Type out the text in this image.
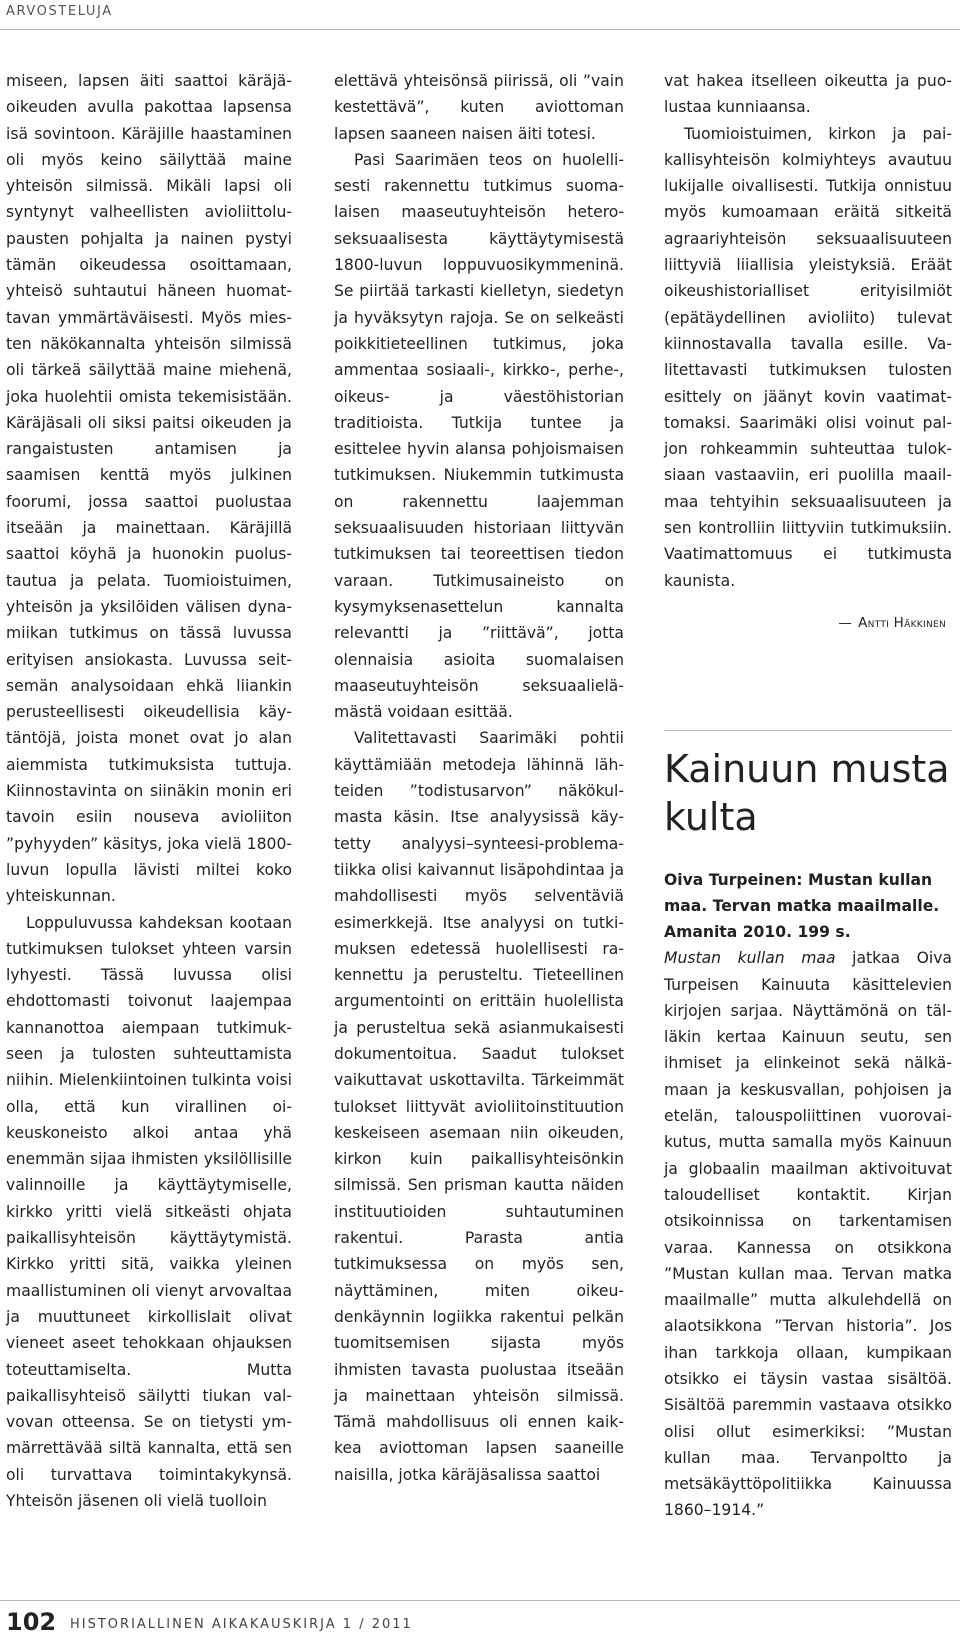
ARVOSTELUJA

miseen, lapsen äiti saattoi käräjäoikeuden avulla pakottaa lapsensa isä sovintoon. Käräjille haastaminen oli myös keino säilyttää maine yhteisön silmissä. Mikäli lapsi oli syntynyt valheellisten avioliittolupausten pohjalta ja nainen pystyi tämän oikeudessa osoittamaan, yhteisö suhtautui häneen huomattavan ymmärtäväisesti. Myös miesten näkökannalta yhteisön silmissä oli tärkeä säilyttää maine miehenä, joka huolehtii omista tekemisistään. Käräjäsali oli siksi paitsi oikeuden ja rangaistusten antamisen ja saamisen kenttä myös julkinen foorumi, jossa saattoi puolustaa itseään ja mainettaan. Käräjillä saattoi köyhä ja huonokin puolustautua ja pelata. Tuomioistuimen, yhteisön ja yksilöiden välisen dynamiikan tutkimus on tässä luvussa erityisen ansiokasta. Luvussa seitsemän analysoidaan ehkä liiankin perusteellisesti oikeudellisia käytäntöjä, joista monet ovat jo alan aiemmista tutkimuksista tuttuja. Kiinnostavinta on siinäkin monin eri tavoin esiin nouseva avioliiton ”pyhyyden” käsitys, joka vielä 1800-luvun lopulla lävisti miltei koko yhteiskunnan.

Loppuluvussa kahdeksan kootaan tutkimuksen tulokset yhteen varsin lyhyesti. Tässä luvussa olisi ehdottomasti toivonut laajempaa kannanottoa aiempaan tutkimukseen ja tulosten suhteuttamista niihin. Mielenkiintoinen tulkinta voisi olla, että kun virallinen oikeuskoneisto alkoi antaa yhä enemmän sijaa ihmisten yksilöllisille valinnoille ja käyttäytymiselle, kirkko yritti vielä sitkeästi ohjata paikallisyhteisön käyttäytymistä. Kirkko yritti sitä, vaikka yleinen maallistuminen oli vienyt arvovaltaa ja muuttuneet kirkollislait olivat vieneet aseet tehokkaan ohjauksen toteuttamiselta. Mutta paikallisyhteisö säilytti tiukan valvovan otteensa. Se on tietysti ymmärrettävää siltä kannalta, että sen oli turvattava toimintakykynsä. Yhteisön jäsenen oli vielä tuolloin

elettävä yhteisönsä piirissä, oli ”vain kestettävä”, kuten aviottoman lapsen saaneen naisen äiti totesi.

Pasi Saarimäen teos on huolellisesti rakennettu tutkimus suomalaisen maaseutuyhteisön heteroseksuaalisesta käyttäytymisestä 1800-luvun loppuvuosikymmeninä. Se piirtää tarkasti kielletyn, siedetyn ja hyväksytyn rajoja. Se on selkeästi poikkitieteellinen tutkimus, joka ammentaa sosiaali-, kirkko-, perhe-, oikeus- ja väestöhistorian traditioista. Tutkija tuntee ja esittelee hyvin alansa pohjoismaisen tutkimuksen. Niukemmin tutkimusta on rakennettu laajemman seksuaalisuuden historiaan liittyvän tutkimuksen tai teoreettisen tiedon varaan. Tutkimusaineisto on kysymyksenasettelun kannalta relevantti ja ”riittävä”, jotta olennaisia asioita suomalaisen maaseutuyhteisön seksuaalielämästä voidaan esittää.

Valitettavasti Saarimäki pohtii käyttämiään metodeja lähinnä lähteiden ”todistusarvon” näkökulmasta käsin. Itse analyysissä käytetty analyysi–synteesi-problematiikka olisi kaivannut lisäpohdintaa ja mahdollisesti myös selventäviä esimerkkejä. Itse analyysi on tutkimuksen edetessä huolellisesti rakennettu ja perusteltu. Tieteellinen argumentointi on erittäin huolellista ja perusteltua sekä asianmukaisesti dokumentoitua. Saadut tulokset vaikuttavat uskottavilta. Tärkeimmät tulokset liittyvät avioliitoinstituution keskeiseen asemaan niin oikeuden, kirkon kuin paikallisyhteisönkin silmissä. Sen prisman kautta näiden instituutioiden suhtautuminen rakentui. Parasta antia tutkimuksessa on myös sen, näyttäminen, miten oikeudenkäynnin logiikka rakentui pelkän tuomitsemisen sijasta myös ihmisten tavasta puolustaa itseään ja mainettaan yhteisön silmissä. Tämä mahdollisuus oli ennen kaikkea aviottoman lapsen saaneille naisilla, jotka käräjäsalissa saattoi

vat hakea itselleen oikeutta ja puolustaa kunniaansa.

Tuomioistuimen, kirkon ja paikallisyhteisön kolmiyhteys avautuu lukijalle oivallisesti. Tutkija onnistuu myös kumoamaan eräitä sitkeitä agraariyhteisön seksuaalisuuteen liittyviä liiallisia yleistyksiä. Eräät oikeushistorialliset erityisilmiöt (epätäydellinen avioliito) tulevat kiinnostavalla tavalla esille. Valitettavasti tutkimuksen tulosten esittely on jäänyt kovin vaatimattomaksi. Saarimäki olisi voinut paljon rohkeammin suhteuttaa tuloksiaan vastaaviin, eri puolilla maailmaa tehtyihin seksuaalisuuteen ja sen kontrolliin liittyviin tutkimuksiin. Vaatimattomuus ei tutkimusta kaunista.

— Antti Häkkinen
Kainuun musta kulta
Oiva Turpeinen: Mustan kullan maa. Tervan matka maailmalle. Amanita 2010. 199 s.

Mustan kullan maa jatkaa Oiva Turpeisen Kainuuta käsittelevien kirjojen sarjaa. Näyttämönä on tälläkin kertaa Kainuun seutu, sen ihmiset ja elinkeinot sekä nälkämaan ja keskusvallan, pohjoisen ja etelän, talouspoliittinen vuorovaikutus, mutta samalla myös Kainuun ja globaalin maailman aktivoituvat taloudelliset kontaktit. Kirjan otsikoinnissa on tarkentamisen varaa. Kannessa on otsikkona ”Mustan kullan maa. Tervan matka maailmalle” mutta alkulehdellä on alaotsikkona ”Tervan historia”. Jos ihan tarkkoja ollaan, kumpikaan otsikko ei täysin vastaa sisältöä. Sisältöä paremmin vastaava otsikko olisi ollut esimerkiksi: ”Mustan kullan maa. Tervanpoltto ja metsäkäyttöpolitiikka Kainuussa 1860–1914.”

102 HISTORIALLINEN AIKAKAUSKIRJA 1 / 2011
